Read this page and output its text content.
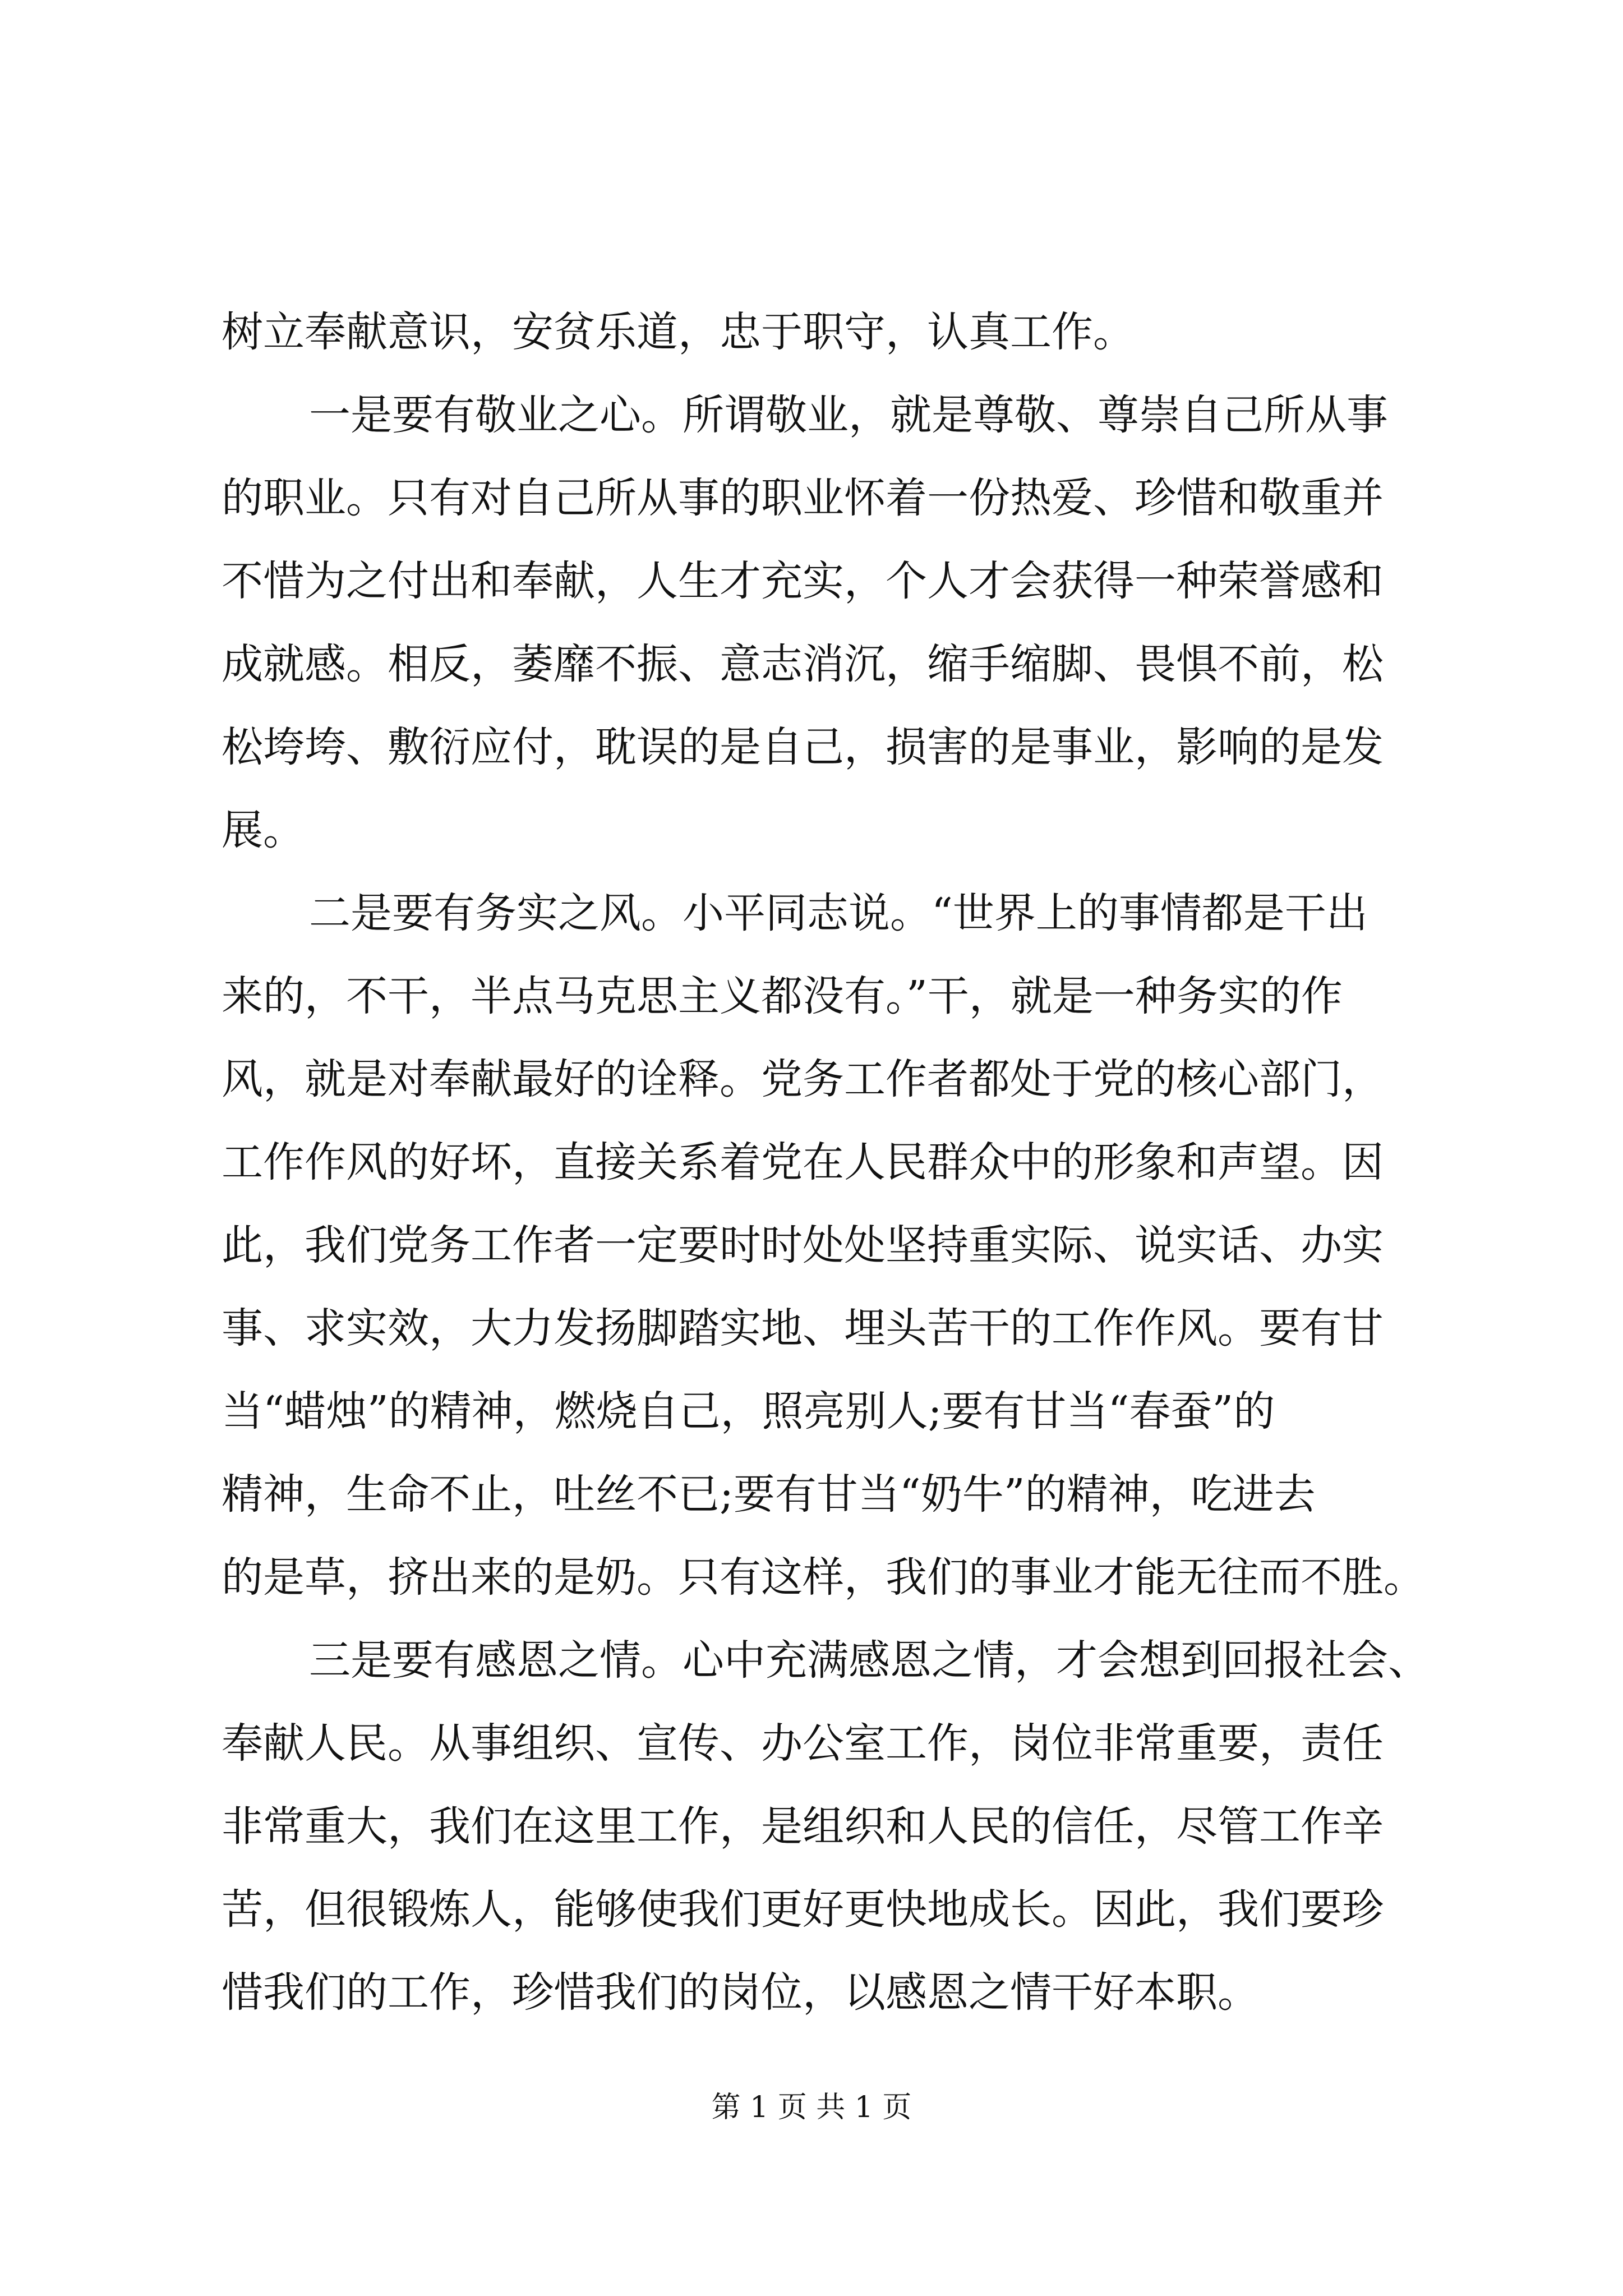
树立奉献意识，安贫乐道，忠于职守，认真工作。
一是要有敬业之心。所谓敬业，就是尊敬、尊崇自己所从事
的职业。只有对自己所从事的职业怀着一份热爱、珍惜和敬重并
不惜为之付出和奉献，人生才充实，个人才会获得一种荣誉感和
成就感。相反，萎靡不振、意志消沉，缩手缩脚、畏惧不前，松
松垮垮、敷衍应付，耽误的是自己，损害的是事业，影响的是发
展。
二是要有务实之风。小平同志说。“世界上的事情都是干出
来的，不干，半点马克思主义都没有。”干，就是一种务实的作
风，就是对奉献最好的诠释。党务工作者都处于党的核心部门，
工作作风的好坏，直接关系着党在人民群众中的形象和声望。因
此，我们党务工作者一定要时时处处坚持重实际、说实话、办实
事、求实效，大力发扬脚踏实地、埋头苦干的工作作风。要有甘
当“蜡烛”的精神，燃烧自己，照亮别人;要有甘当“春蚕”的
精神，生命不止，吐丝不已;要有甘当“奶牛”的精神，吃进去
的是草，挤出来的是奶。只有这样，我们的事业才能无往而不胜。
三是要有感恩之情。心中充满感恩之情，才会想到回报社会、
奉献人民。从事组织、宣传、办公室工作，岗位非常重要，责任
非常重大，我们在这里工作，是组织和人民的信任，尽管工作辛
苦，但很锻炼人，能够使我们更好更快地成长。因此，我们要珍
惜我们的工作，珍惜我们的岗位，以感恩之情干好本职。
第 1 页 共 1 页
